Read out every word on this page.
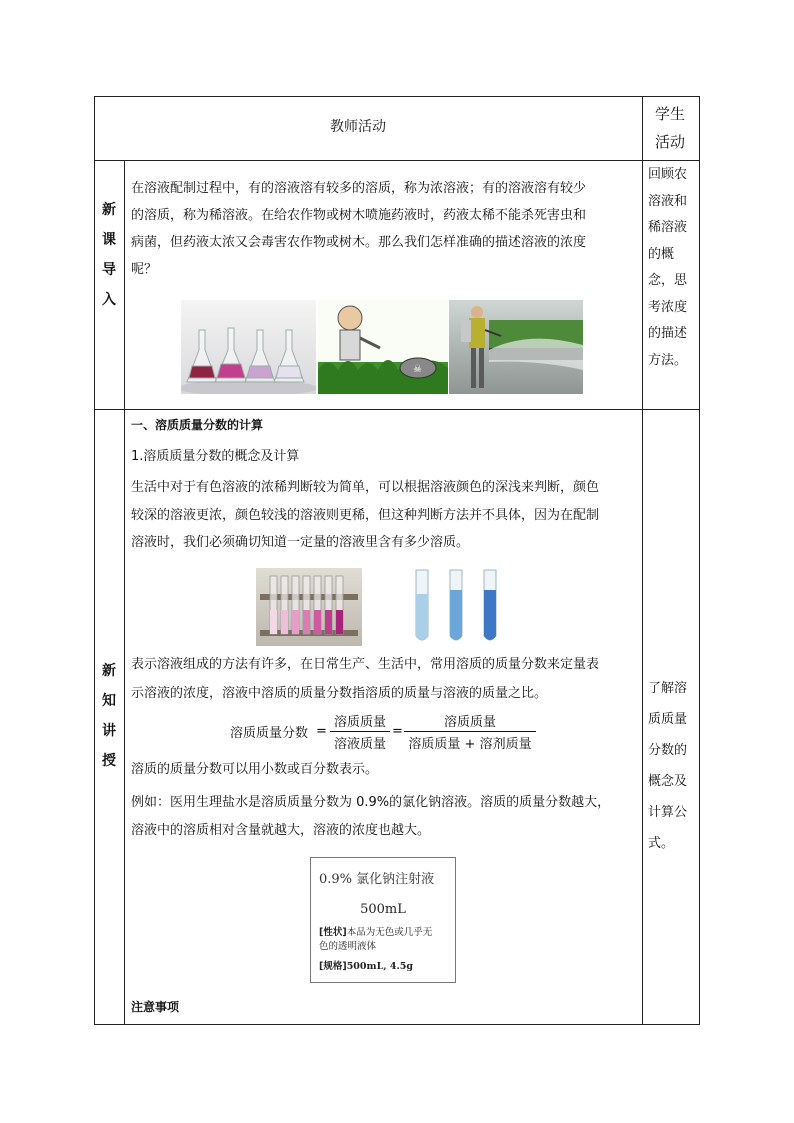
教师活动
学生
活动
新
课
导
入
在溶液配制过程中，有的溶液溶有较多的溶质，称为浓溶液；有的溶液溶有较少
的溶质，称为稀溶液。在给农作物或树木喷施药液时，药液太稀不能杀死害虫和
病菌，但药液太浓又会毒害农作物或树木。那么我们怎样准确的描述溶液的浓度
呢？
☠
回顾农
溶液和
稀溶液
的概
念，思
考浓度
的描述
方法。
新
知
讲
授
一、溶质质量分数的计算
1.溶质质量分数的概念及计算
生活中对于有色溶液的浓稀判断较为简单，可以根据溶液颜色的深浅来判断，颜色
较深的溶液更浓，颜色较浅的溶液则更稀，但这种判断方法并不具体，因为在配制
溶液时，我们必须确切知道一定量的溶液里含有多少溶质。
表示溶液组成的方法有许多，在日常生产、生活中，常用溶质的质量分数来定量表
示溶液的浓度，溶液中溶质的质量分数指溶质的质量与溶液的质量之比。
溶质质量分数 =
溶质质量
溶液质量
=
溶质质量
溶质质量 + 溶剂质量
溶质的质量分数可以用小数或百分数表示。
例如：医用生理盐水是溶质质量分数为 0.9%的氯化钠溶液。溶质的质量分数越大，
溶液中的溶质相对含量就越大，溶液的浓度也越大。
0.9% 氯化钠注射液
500mL
[性状]本品为无色或几乎无
色的透明液体
[规格]500mL, 4.5g
注意事项
了解溶
质质量
分数的
概念及
计算公
式。
